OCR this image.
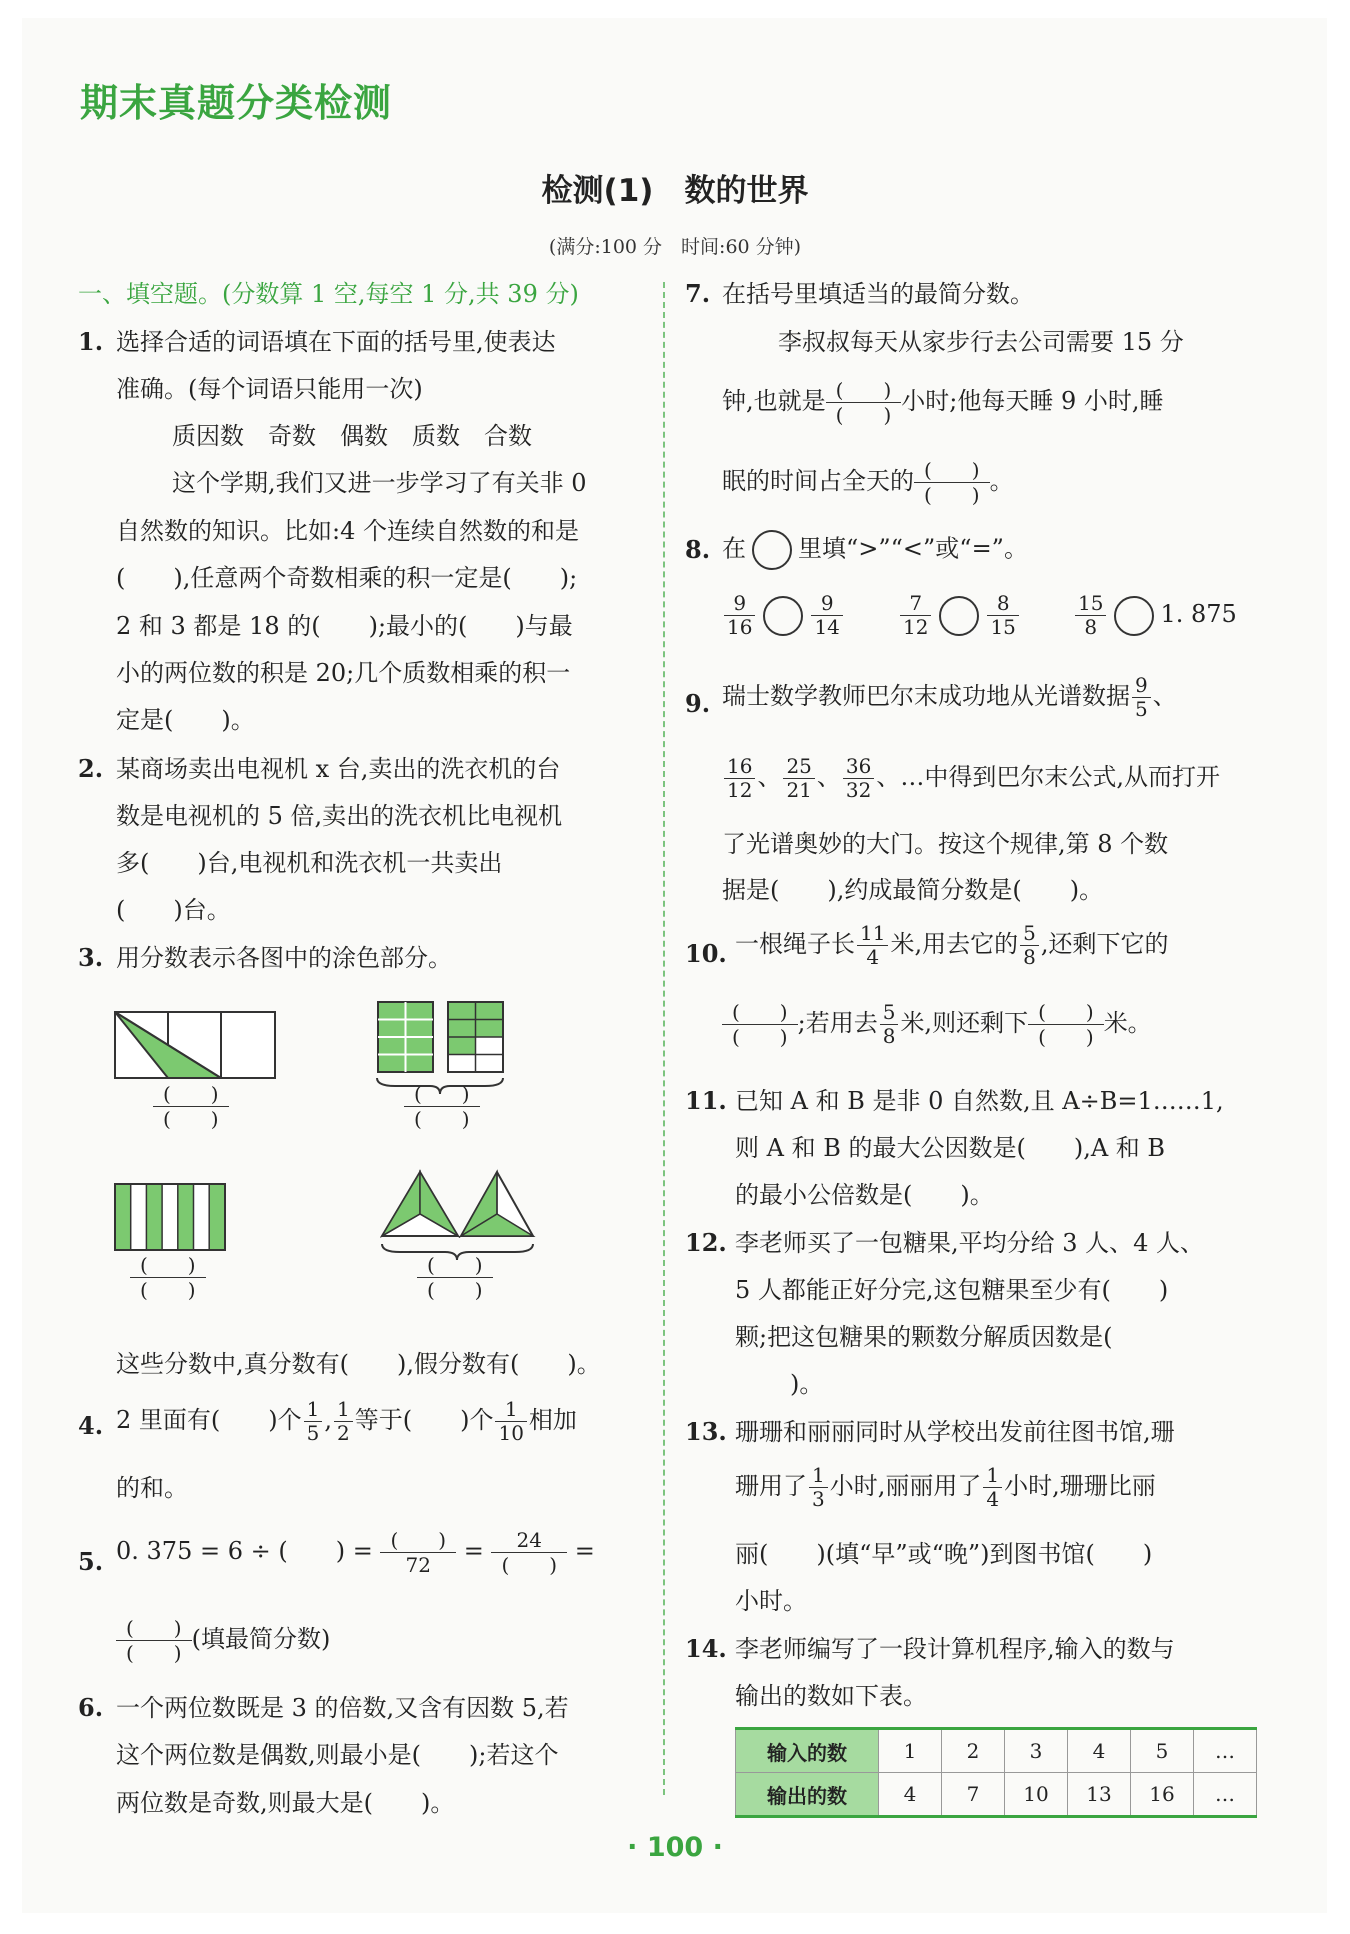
期末真题分类检测
检测(1)　数的世界
(满分:100 分　时间:60 分钟)
一、填空题。(分数算 1 空,每空 1 分,共 39 分)
1. 选择合适的词语填在下面的括号里,使表达
准确。(每个词语只能用一次)
质因数　奇数　偶数　质数　合数
这个学期,我们又进一步学习了有关非 0
自然数的知识。比如:4 个连续自然数的和是
(　　),任意两个奇数相乘的积一定是(　　);
2 和 3 都是 18 的(　　);最小的(　　)与最
小的两位数的积是 20;几个质数相乘的积一
定是(　　)。
2. 某商场卖出电视机 x 台,卖出的洗衣机的台
数是电视机的 5 倍,卖出的洗衣机比电视机
多(　　)台,电视机和洗衣机一共卖出
(　　)台。
3. 用分数表示各图中的涂色部分。
$\frac{( )}{( )}$	$\frac{( )}{( )}$
$\frac{( )}{( )}$	$\frac{( )}{( )}$
这些分数中,真分数有(　　),假分数有(　　)。
4. 2 里面有(　　)个 $\frac{1}{5}$ , $\frac{1}{2}$ 等于(　　)个 $\frac{1}{10}$ 相加
的和。
5. 0. 375 = 6 ÷ (　　) = $\frac{( )}{72} = \frac{24}{( )}$ =
$\frac{( )}{( )}$ (填最简分数)
6. 一个两位数既是 3 的倍数,又含有因数 5,若
这个两位数是偶数,则最小是(　　);若这个
两位数是奇数,则最大是(　　)。
7. 在括号里填适当的最简分数。
李叔叔每天从家步行去公司需要 15 分
钟,也就是 $\frac{( )}{( )}$ 小时;他每天睡 9 小时,睡
眠的时间占全天的 $\frac{( )}{( )}$ 。
8. 在 里填“>”“<”或“=”。
$\frac{9}{16}$	$\frac{9}{14}$	$\frac{7}{12}$	$\frac{8}{15}$	$\frac{15}{8} 1$. 875
9. 瑞士数学教师巴尔末成功地从光谱数据 $\frac{9}{5}$ 、
$\frac{16}{12}$ 、 $\frac{25}{21}$ 、 $\frac{36}{32}$ 、…中得到巴尔末公式,从而打开
了光谱奥妙的大门。按这个规律,第 8 个数
据是(　　),约成最简分数是(　　)。
10. 一根绳子长 $\frac{11}{4}$ 米,用去它的 $\frac{5}{8}$ ,还剩下它的
$\frac{( )}{( )}$ ;若用去 $\frac{5}{8}$ 米,则还剩下 $\frac{( )}{( )}$ 米。
11. 已知 A 和 B 是非 0 自然数,且 A÷B=1……1,
则 A 和 B 的最大公因数是(　　),A 和 B
的最小公倍数是(　　)。
12. 李老师买了一包糖果,平均分给 3 人、4 人、
5 人都能正好分完,这包糖果至少有(　　)
颗;把这包糖果的颗数分解质因数是(
)。
13. 珊珊和丽丽同时从学校出发前往图书馆,珊
珊用了 $\frac{1}{3}$ 小时,丽丽用了 $\frac{1}{4}$ 小时,珊珊比丽
丽(　　)(填“早”或“晚”)到图书馆(　　)
小时。
14. 李老师编写了一段计算机程序,输入的数与
输出的数如下表。
输入的数	1	2	3	4	5	…
输出的数	4	7	10	13	16	…
· 100 ·
